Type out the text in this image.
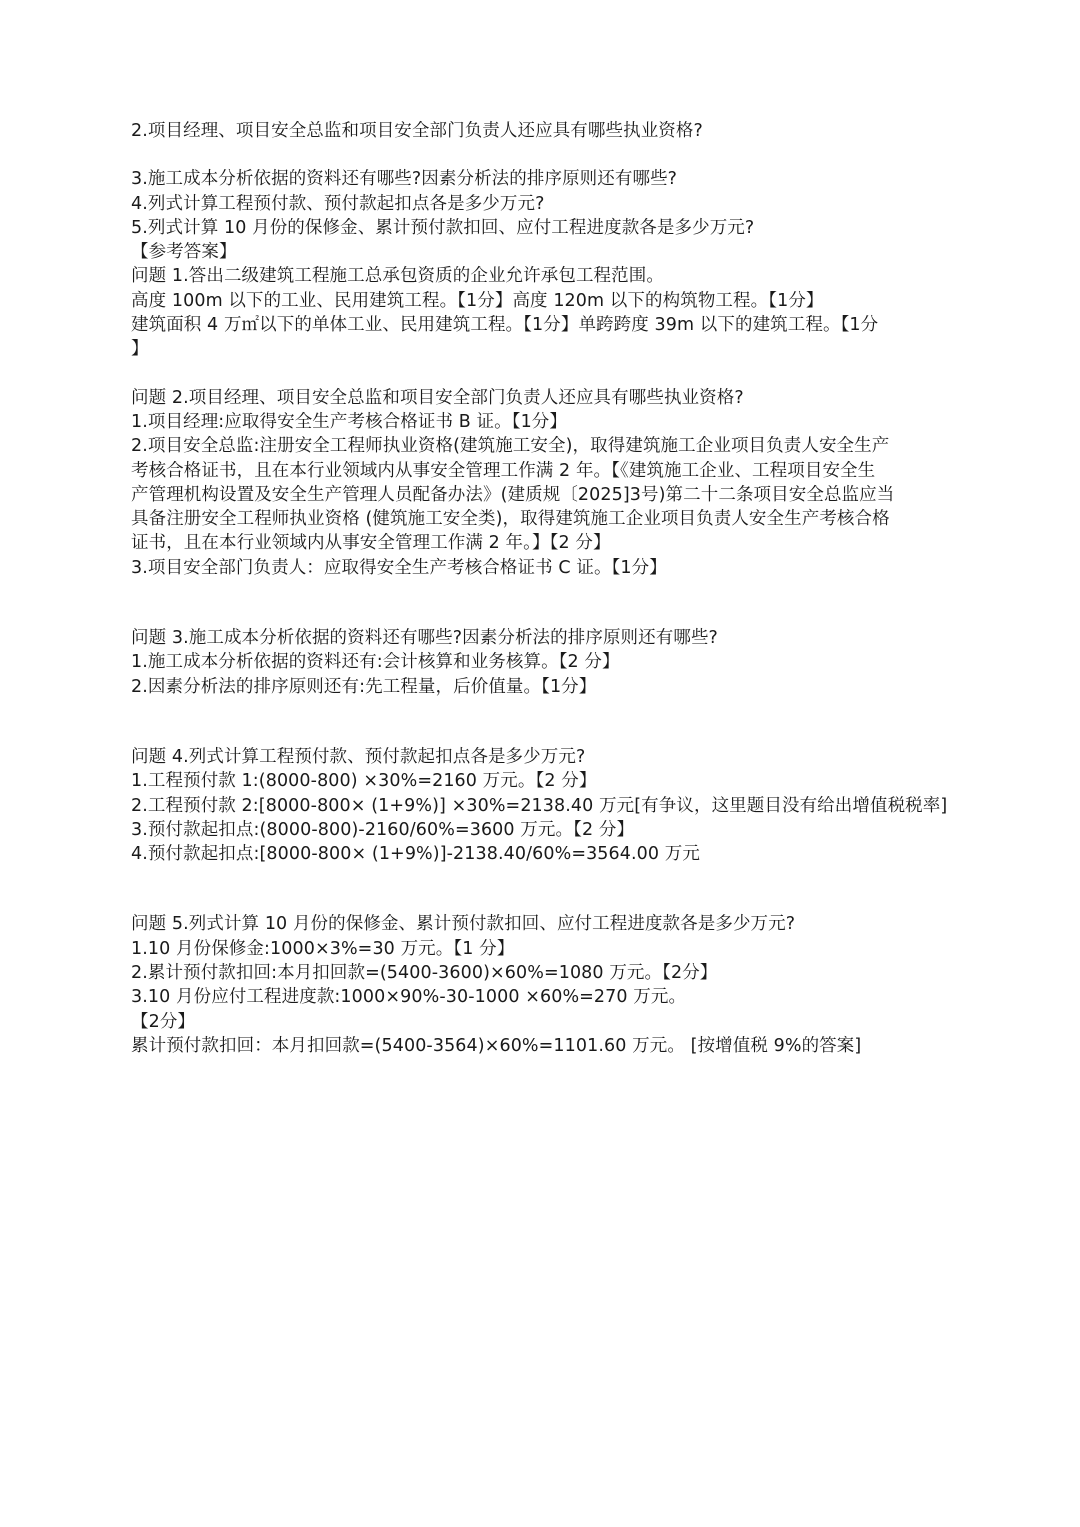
2.项目经理、项目安全总监和项目安全部门负责人还应具有哪些执业资格?
3.施工成本分析依据的资料还有哪些?因素分析法的排序原则还有哪些?
4.列式计算工程预付款、预付款起扣点各是多少万元?
5.列式计算 10 月份的保修金、累计预付款扣回、应付工程进度款各是多少万元?
【参考答案】
问题 1.答出二级建筑工程施工总承包资质的企业允许承包工程范围。
高度 100m 以下的工业、民用建筑工程。【1分】高度 120m 以下的构筑物工程。【1分】
建筑面积 4 万㎡以下的单体工业、民用建筑工程。【1分】单跨跨度 39m 以下的建筑工程。【1分
】
问题 2.项目经理、项目安全总监和项目安全部门负责人还应具有哪些执业资格?
1.项目经理:应取得安全生产考核合格证书 B 证。【1分】
2.项目安全总监:注册安全工程师执业资格(建筑施工安全)，取得建筑施工企业项目负责人安全生产
考核合格证书，且在本行业领域内从事安全管理工作满 2 年。【《建筑施工企业、工程项目安全生
产管理机构设置及安全生产管理人员配备办法》(建质规〔2025]3号)第二十二条项目安全总监应当
具备注册安全工程师执业资格 (健筑施工安全类)，取得建筑施工企业项目负责人安全生产考核合格
证书，且在本行业领域内从事安全管理工作满 2 年。】【2 分】
3.项目安全部门负责人：应取得安全生产考核合格证书 C 证。【1分】
问题 3.施工成本分析依据的资料还有哪些?因素分析法的排序原则还有哪些?
1.施工成本分析依据的资料还有:会计核算和业务核算。【2 分】
2.因素分析法的排序原则还有:先工程量，后价值量。【1分】
问题 4.列式计算工程预付款、预付款起扣点各是多少万元?
1.工程预付款 1:(8000-800) ×30%=2160 万元。【2 分】
2.工程预付款 2:[8000-800× (1+9%)] ×30%=2138.40 万元[有争议，这里题目没有给出增值税税率]
3.预付款起扣点:(8000-800)-2160/60%=3600 万元。【2 分】
4.预付款起扣点:[8000-800× (1+9%)]-2138.40/60%=3564.00 万元
问题 5.列式计算 10 月份的保修金、累计预付款扣回、应付工程进度款各是多少万元?
1.10 月份保修金:1000×3%=30 万元。【1 分】
2.累计预付款扣回:本月扣回款=(5400-3600)×60%=1080 万元。【2分】
3.10 月份应付工程进度款:1000×90%-30-1000 ×60%=270 万元。
【2分】
累计预付款扣回：本月扣回款=(5400-3564)×60%=1101.60 万元。 [按增值税 9%的答案]
